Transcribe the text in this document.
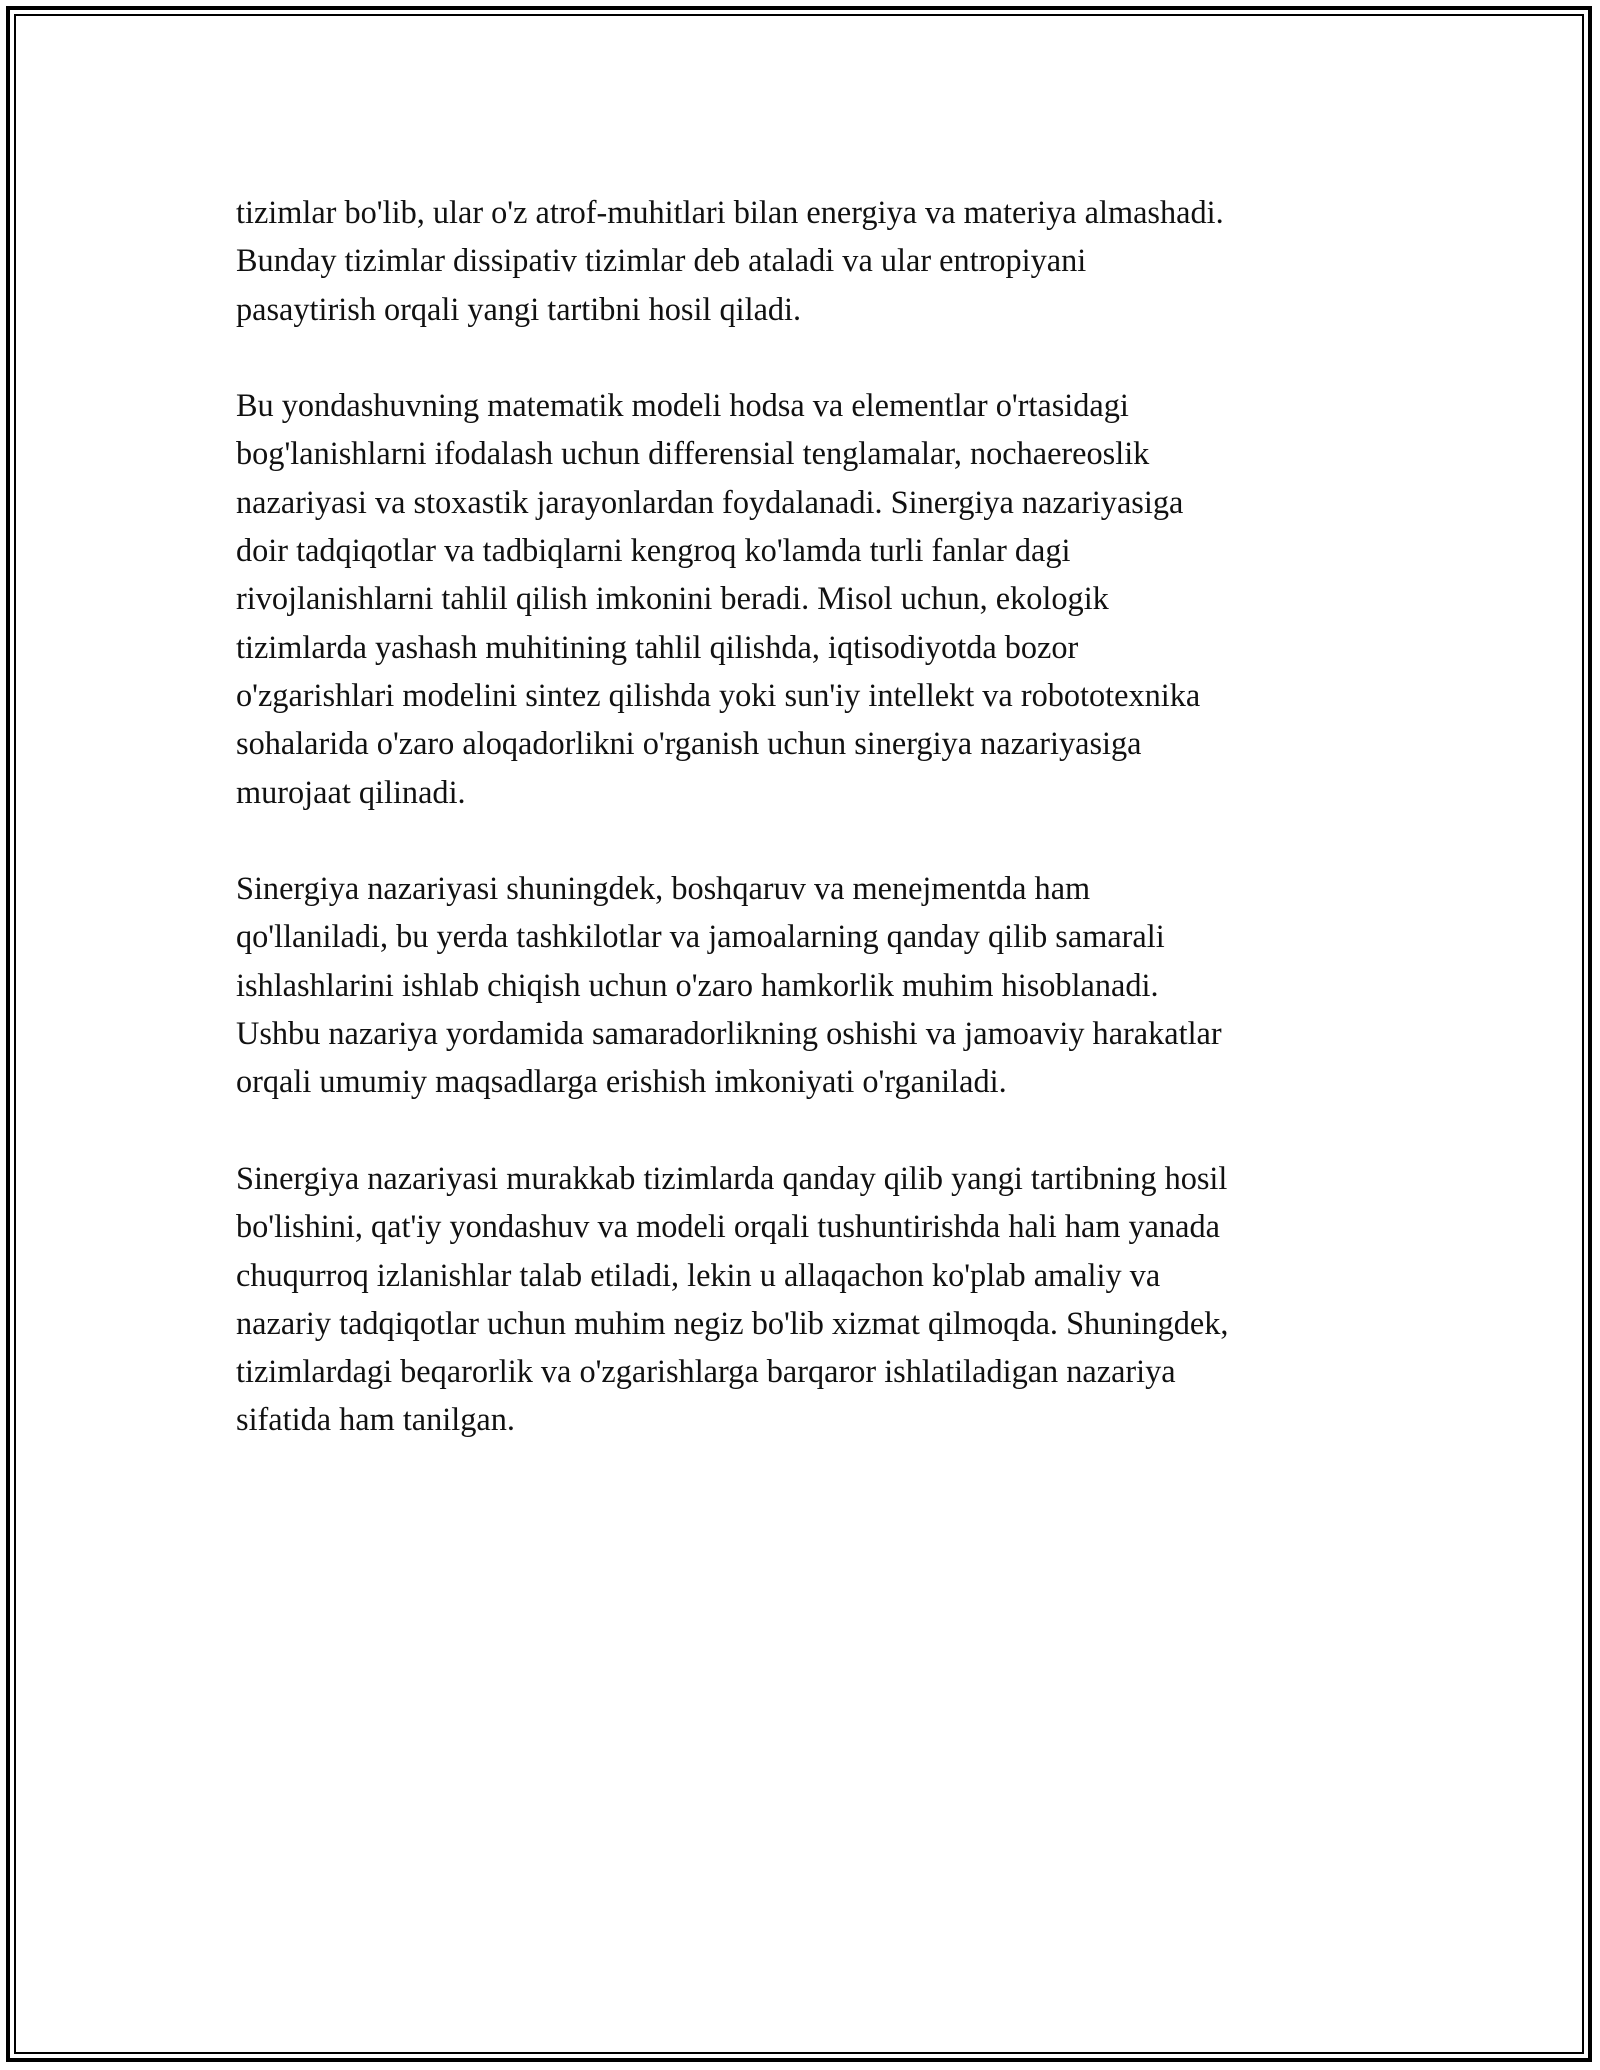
tizimlar bo'lib, ular o'z atrof-muhitlari bilan energiya va materiya almashadi.
Bunday tizimlar dissipativ tizimlar deb ataladi va ular entropiyani
pasaytirish orqali yangi tartibni hosil qiladi.
Bu yondashuvning matematik modeli hodsa va elementlar o'rtasidagi
bog'lanishlarni ifodalash uchun differensial tenglamalar, nochaereoslik
nazariyasi va stoxastik jarayonlardan foydalanadi. Sinergiya nazariyasiga
doir tadqiqotlar va tadbiqlarni kengroq ko'lamda turli fanlar dagi
rivojlanishlarni tahlil qilish imkonini beradi. Misol uchun, ekologik
tizimlarda yashash muhitining tahlil qilishda, iqtisodiyotda bozor
o'zgarishlari modelini sintez qilishda yoki sun'iy intellekt va robototexnika
sohalarida o'zaro aloqadorlikni o'rganish uchun sinergiya nazariyasiga
murojaat qilinadi.
Sinergiya nazariyasi shuningdek, boshqaruv va menejmentda ham
qo'llaniladi, bu yerda tashkilotlar va jamoalarning qanday qilib samarali
ishlashlarini ishlab chiqish uchun o'zaro hamkorlik muhim hisoblanadi.
Ushbu nazariya yordamida samaradorlikning oshishi va jamoaviy harakatlar
orqali umumiy maqsadlarga erishish imkoniyati o'rganiladi.
Sinergiya nazariyasi murakkab tizimlarda qanday qilib yangi tartibning hosil
bo'lishini, qat'iy yondashuv va modeli orqali tushuntirishda hali ham yanada
chuqurroq izlanishlar talab etiladi, lekin u allaqachon ko'plab amaliy va
nazariy tadqiqotlar uchun muhim negiz bo'lib xizmat qilmoqda. Shuningdek,
tizimlardagi beqarorlik va o'zgarishlarga barqaror ishlatiladigan nazariya
sifatida ham tanilgan.
